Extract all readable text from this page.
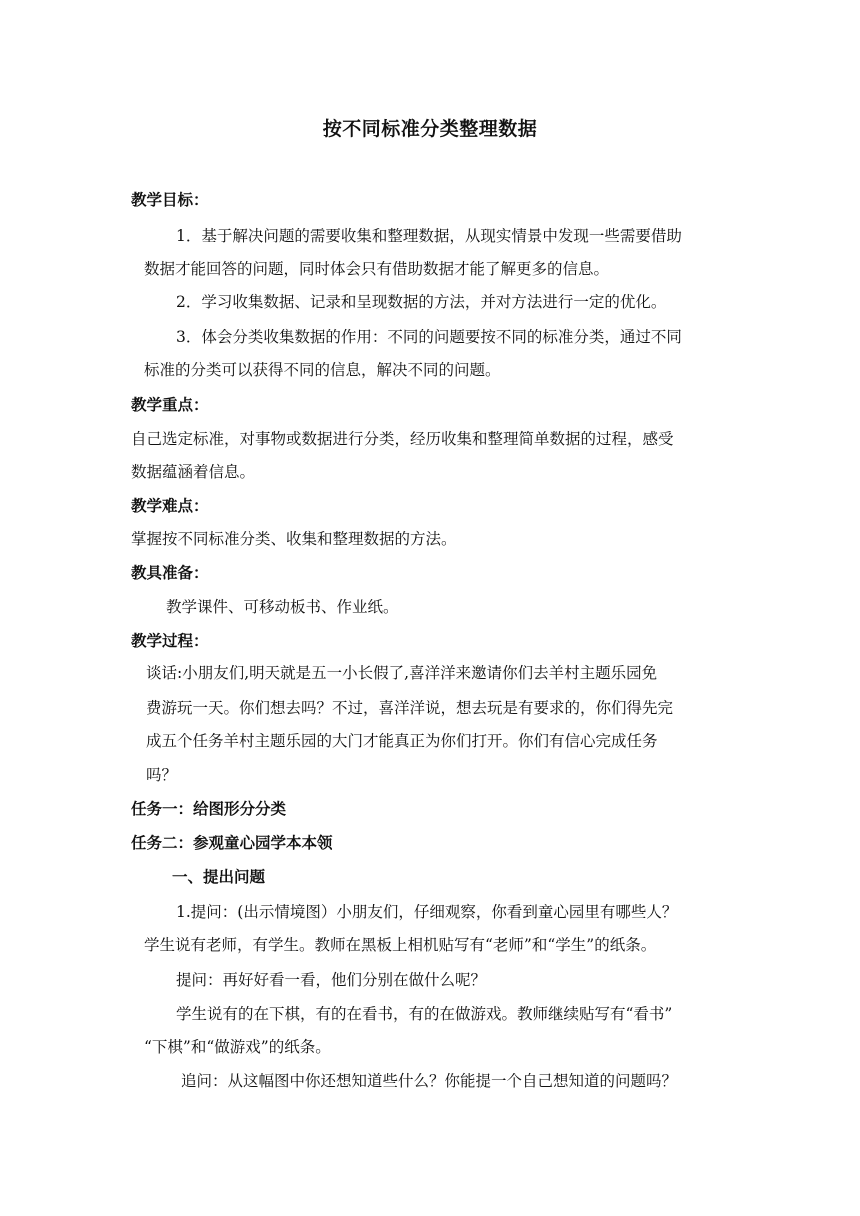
按不同标准分类整理数据
教学目标：
1．基于解决问题的需要收集和整理数据，从现实情景中发现一些需要借助
数据才能回答的问题，同时体会只有借助数据才能了解更多的信息。
2．学习收集数据、记录和呈现数据的方法，并对方法进行一定的优化。
3．体会分类收集数据的作用：不同的问题要按不同的标准分类，通过不同
标准的分类可以获得不同的信息，解决不同的问题。
教学重点：
自己选定标准，对事物或数据进行分类，经历收集和整理简单数据的过程，感受
数据蕴涵着信息。
教学难点：
掌握按不同标准分类、收集和整理数据的方法。
教具准备：
教学课件、可移动板书、作业纸。
教学过程：
谈话:小朋友们,明天就是五一小长假了,喜洋洋来邀请你们去羊村主题乐园免
费游玩一天。你们想去吗？不过，喜洋洋说，想去玩是有要求的，你们得先完
成五个任务羊村主题乐园的大门才能真正为你们打开。你们有信心完成任务
吗？
任务一：给图形分分类
任务二：参观童心园学本本领
一、提出问题
1.提问：(出示情境图）小朋友们，仔细观察，你看到童心园里有哪些人？
学生说有老师，有学生。教师在黑板上相机贴写有“老师”和“学生”的纸条。
提问：再好好看一看，他们分别在做什么呢？
学生说有的在下棋，有的在看书，有的在做游戏。教师继续贴写有“看书”
“下棋”和“做游戏”的纸条。
追问：从这幅图中你还想知道些什么？你能提一个自己想知道的问题吗？
